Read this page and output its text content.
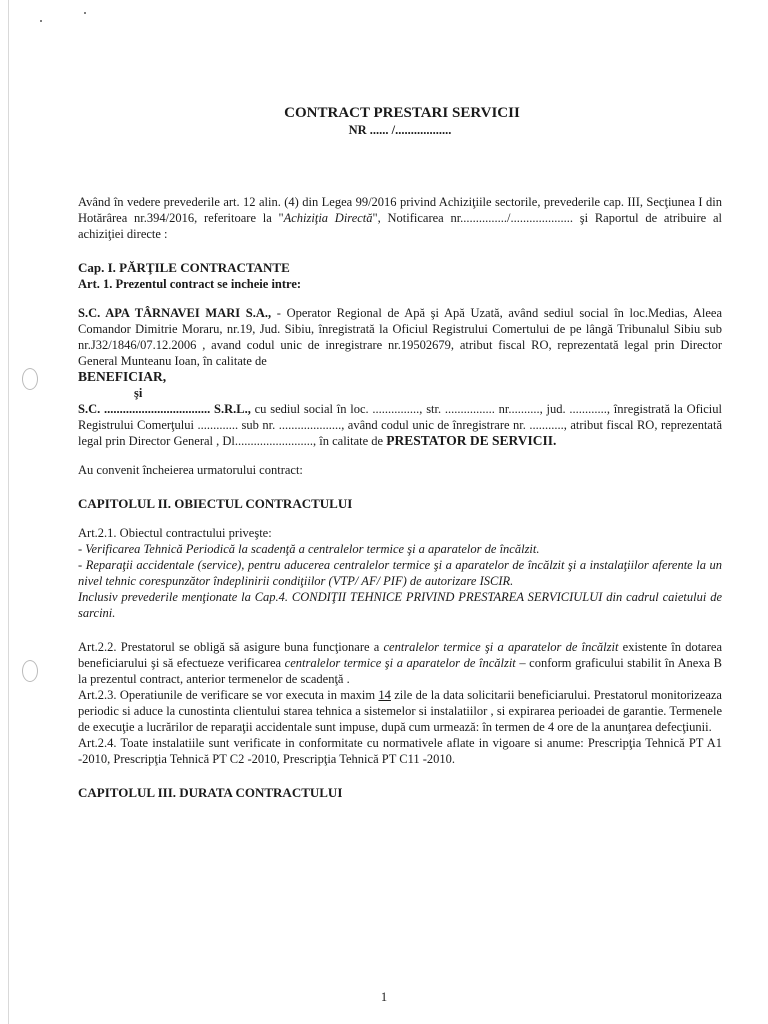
CONTRACT PRESTARI SERVICII
NR ...... /..................

Având în vedere prevederile art. 12 alin. (4) din Legea 99/2016 privind Achiziţiile sectorile, prevederile cap. III, Secţiunea I din Hotărârea nr.394/2016, referitoare la "Achiziţia Directă", Notificarea nr.............../.................... şi Raportul de atribuire al achiziţiei directe :

Cap. I. PĂRŢILE CONTRACTANTE
Art. 1. Prezentul contract se incheie intre:

S.C. APA TÂRNAVEI MARI S.A., - Operator Regional de Apă şi Apă Uzată, având sediul social în loc.Medias, Aleea Comandor Dimitrie Moraru, nr.19, Jud. Sibiu, înregistrată la Oficiul Registrului Comertului de pe lângă Tribunalul Sibiu sub nr.J32/1846/07.12.2006 , avand codul unic de inregistrare nr.19502679, atribut fiscal RO, reprezentată legal prin Director General Munteanu Ioan, în calitate de

BENEFICIAR,
şi

S.C. .................................. S.R.L., cu sediul social în loc. ..............., str. ................ nr.........., jud. ............, înregistrată la Oficiul Registrului Comerţului ............. sub nr. ...................., având codul unic de înregistrare nr. ..........., atribut fiscal RO, reprezentată legal prin Director General , Dl........................., în calitate de PRESTATOR DE SERVICII.

Au convenit încheierea urmatorului contract:
CAPITOLUL II. OBIECTUL CONTRACTULUI
Art.2.1. Obiectul contractului priveşte:

- Verificarea Tehnică Periodică la scadenţă a centralelor termice şi a aparatelor de încălzit.

- Reparaţii accidentale (service), pentru aducerea centralelor termice şi a aparatelor de încălzit şi a instalaţiilor aferente la un nivel tehnic corespunzător îndeplinirii condiţiilor (VTP/ AF/ PIF) de autorizare ISCIR.

Inclusiv prevederile menţionate la Cap.4. CONDIŢII TEHNICE PRIVIND PRESTAREA SERVICIULUI din cadrul caietului de sarcini.

Art.2.2. Prestatorul se obligă să asigure buna funcţionare a centralelor termice şi a aparatelor de încălzit existente în dotarea beneficiarului şi să efectueze verificarea centralelor termice şi a aparatelor de încălzit – conform graficului stabilit în Anexa B la prezentul contract, anterior termenelor de scadenţă .

Art.2.3. Operatiunile de verificare se vor executa in maxim 14 zile de la data solicitarii beneficiarului. Prestatorul monitorizeaza periodic si aduce la cunostinta clientului starea tehnica a sistemelor si instalatiilor , si expirarea perioadei de garantie. Termenele de execuţie a lucrărilor de reparaţii accidentale sunt impuse, după cum urmează: în termen de 4 ore de la anunţarea defecţiunii.

Art.2.4. Toate instalatiile sunt verificate in conformitate cu normativele aflate in vigoare si anume: Prescripţia Tehnică PT A1 -2010, Prescripţia Tehnică PT C2 -2010, Prescripţia Tehnică PT C11 -2010.

CAPITOLUL III. DURATA CONTRACTULUI
1
